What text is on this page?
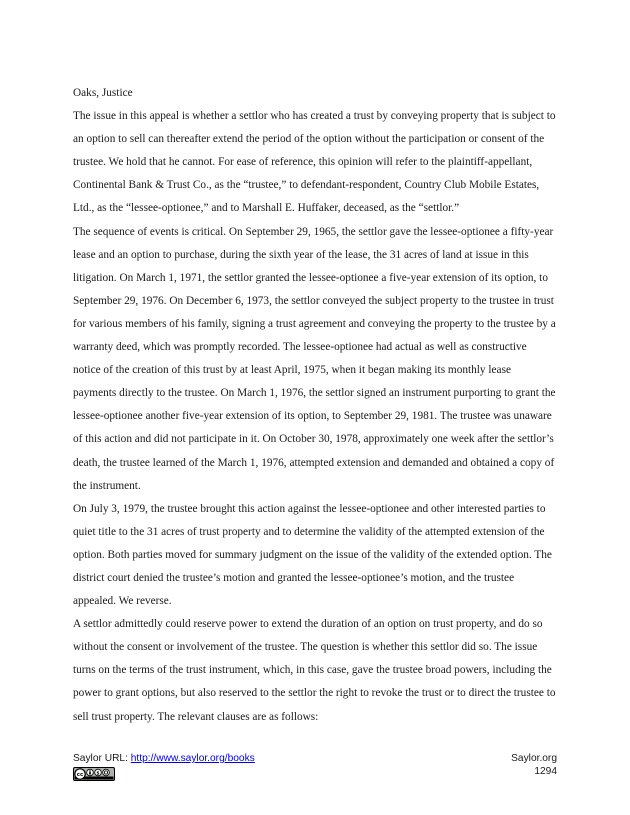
Oaks, Justice

The issue in this appeal is whether a settlor who has created a trust by conveying property that is subject to an option to sell can thereafter extend the period of the option without the participation or consent of the trustee. We hold that he cannot. For ease of reference, this opinion will refer to the plaintiff-appellant, Continental Bank & Trust Co., as the “trustee,” to defendant-respondent, Country Club Mobile Estates, Ltd., as the “lessee-optionee,” and to Marshall E. Huffaker, deceased, as the “settlor.”

The sequence of events is critical. On September 29, 1965, the settlor gave the lessee-optionee a fifty-year lease and an option to purchase, during the sixth year of the lease, the 31 acres of land at issue in this litigation. On March 1, 1971, the settlor granted the lessee-optionee a five-year extension of its option, to September 29, 1976. On December 6, 1973, the settlor conveyed the subject property to the trustee in trust for various members of his family, signing a trust agreement and conveying the property to the trustee by a warranty deed, which was promptly recorded. The lessee-optionee had actual as well as constructive notice of the creation of this trust by at least April, 1975, when it began making its monthly lease payments directly to the trustee. On March 1, 1976, the settlor signed an instrument purporting to grant the lessee-optionee another five-year extension of its option, to September 29, 1981. The trustee was unaware of this action and did not participate in it. On October 30, 1978, approximately one week after the settlor’s death, the trustee learned of the March 1, 1976, attempted extension and demanded and obtained a copy of the instrument.

On July 3, 1979, the trustee brought this action against the lessee-optionee and other interested parties to quiet title to the 31 acres of trust property and to determine the validity of the attempted extension of the option. Both parties moved for summary judgment on the issue of the validity of the extended option. The district court denied the trustee’s motion and granted the lessee-optionee’s motion, and the trustee appealed. We reverse.

A settlor admittedly could reserve power to extend the duration of an option on trust property, and do so without the consent or involvement of the trustee. The question is whether this settlor did so. The issue turns on the terms of the trust instrument, which, in this case, gave the trustee broad powers, including the power to grant options, but also reserved to the settlor the right to revoke the trust or to direct the trustee to sell trust property. The relevant clauses are as follows:

Saylor URL: http://www.saylor.org/books
cc	$
Saylor.org
1294
